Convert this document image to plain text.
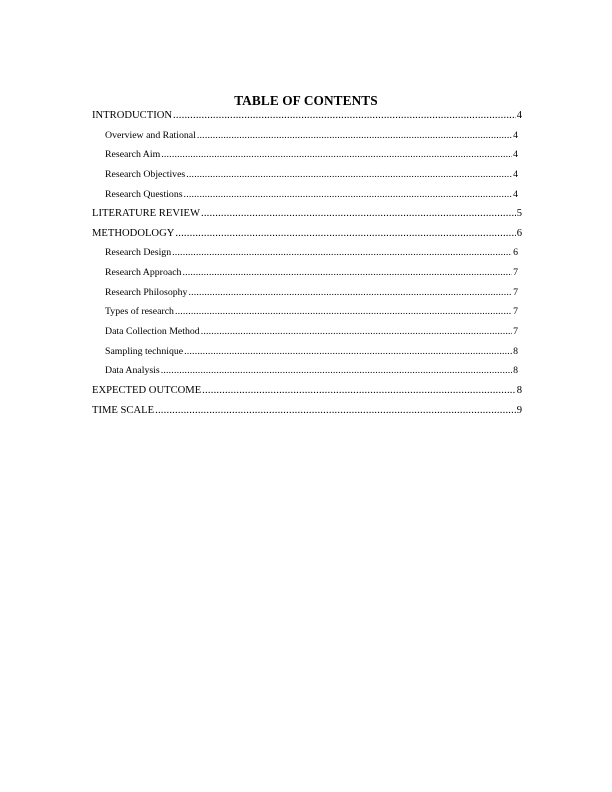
TABLE OF CONTENTS
INTRODUCTION .....	4
Overview and Rational .....	4
Research Aim .....	4
Research Objectives .....	4
Research Questions .....	4
LITERATURE REVIEW .....	5
METHODOLOGY .....	6
Research Design .....	6
Research Approach .....	7
Research Philosophy .....	7
Types of research .....	7
Data Collection Method .....	7
Sampling technique .....	8
Data Analysis .....	8
EXPECTED OUTCOME .....	8
TIME SCALE .....	9
